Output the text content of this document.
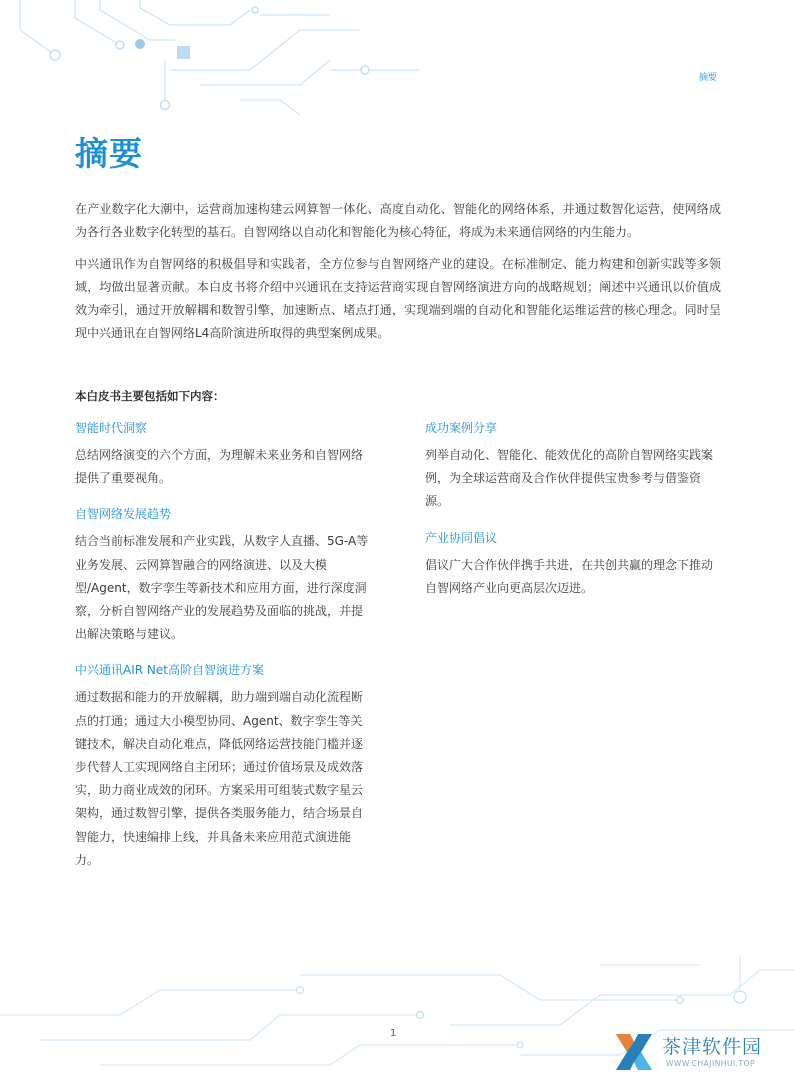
摘要
摘要

在产业数字化大潮中，运营商加速构建云网算智一体化、高度自动化、智能化的网络体系，并通过数智化运营，使网络成为各行各业数字化转型的基石。自智网络以自动化和智能化为核心特征，将成为未来通信网络的内生能力。

中兴通讯作为自智网络的积极倡导和实践者，全方位参与自智网络产业的建设。在标准制定、能力构建和创新实践等多领域，均做出显著贡献。本白皮书将介绍中兴通讯在支持运营商实现自智网络演进方向的战略规划；阐述中兴通讯以价值成效为牵引，通过开放解耦和数智引擎，加速断点、堵点打通，实现端到端的自动化和智能化运维运营的核心理念。同时呈现中兴通讯在自智网络L4高阶演进所取得的典型案例成果。

本白皮书主要包括如下内容：
智能时代洞察

总结网络演变的六个方面，为理解未来业务和自智网络提供了重要视角。

自智网络发展趋势

结合当前标准发展和产业实践，从数字人直播、5G-A等业务发展、云网算智融合的网络演进、以及大模型/Agent，数字孪生等新技术和应用方面，进行深度洞察，分析自智网络产业的发展趋势及面临的挑战，并提出解决策略与建议。

中兴通讯AIR Net高阶自智演进方案

通过数据和能力的开放解耦，助力端到端自动化流程断点的打通；通过大小模型协同、Agent、数字孪生等关键技术，解决自动化难点，降低网络运营技能门槛并逐步代替人工实现网络自主闭环；通过价值场景及成效落实，助力商业成效的闭环。方案采用可组装式数字星云架构，通过数智引擎，提供各类服务能力，结合场景自智能力，快速编排上线，并具备未来应用范式演进能力。

成功案例分享

列举自动化、智能化、能效优化的高阶自智网络实践案例，为全球运营商及合作伙伴提供宝贵参考与借鉴资源。

产业协同倡议

倡议广大合作伙伴携手共进，在共创共赢的理念下推动自智网络产业向更高层次迈进。

1
茶津软件园
WWW.CHAJINHUI.TOP
